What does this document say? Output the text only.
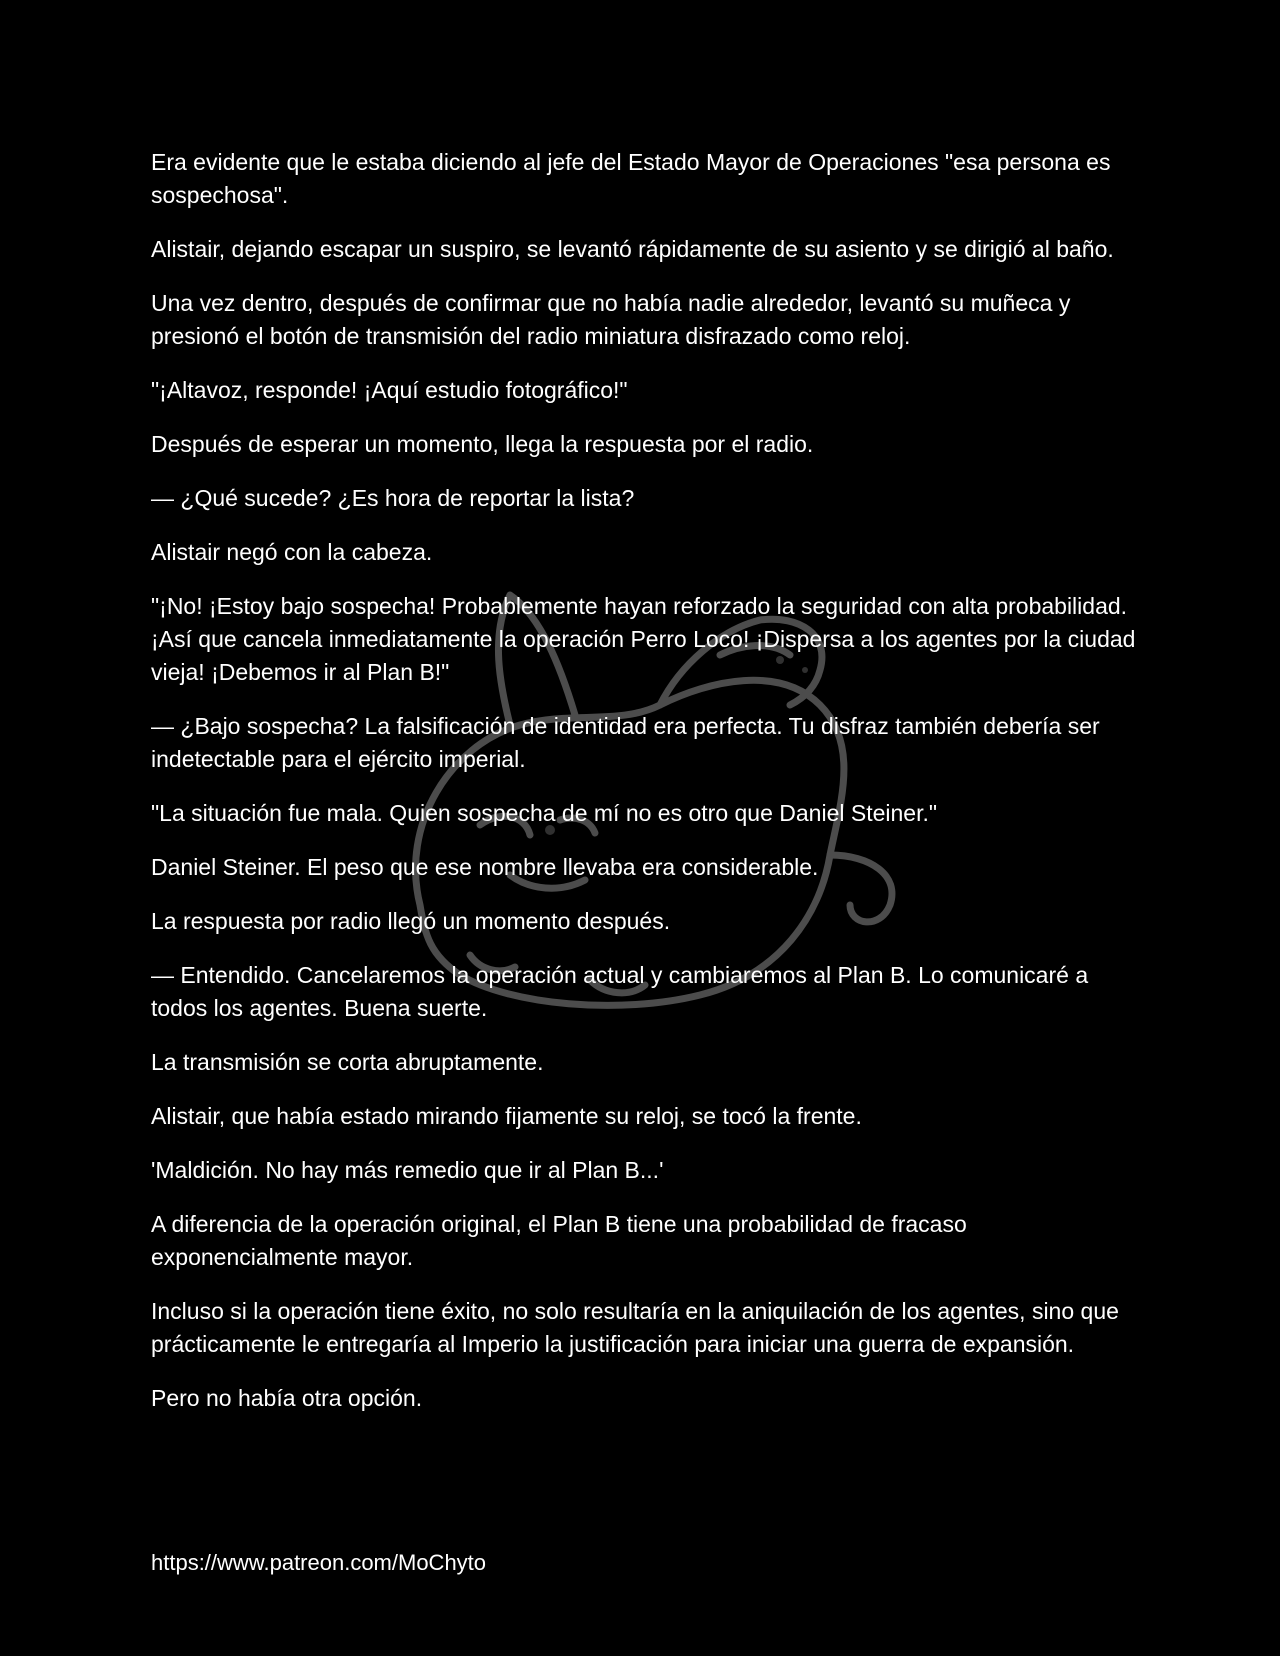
Era evidente que le estaba diciendo al jefe del Estado Mayor de Operaciones "esa persona es sospechosa".

Alistair, dejando escapar un suspiro, se levantó rápidamente de su asiento y se dirigió al baño.

Una vez dentro, después de confirmar que no había nadie alrededor, levantó su muñeca y presionó el botón de transmisión del radio miniatura disfrazado como reloj.

"¡Altavoz, responde! ¡Aquí estudio fotográfico!"

Después de esperar un momento, llega la respuesta por el radio.

— ¿Qué sucede? ¿Es hora de reportar la lista?

Alistair negó con la cabeza.

"¡No! ¡Estoy bajo sospecha! Probablemente hayan reforzado la seguridad con alta probabilidad. ¡Así que cancela inmediatamente la operación Perro Loco! ¡Dispersa a los agentes por la ciudad vieja! ¡Debemos ir al Plan B!"

— ¿Bajo sospecha? La falsificación de identidad era perfecta. Tu disfraz también debería ser indetectable para el ejército imperial.

"La situación fue mala. Quien sospecha de mí no es otro que Daniel Steiner."

Daniel Steiner. El peso que ese nombre llevaba era considerable.

La respuesta por radio llegó un momento después.

— Entendido. Cancelaremos la operación actual y cambiaremos al Plan B. Lo comunicaré a todos los agentes. Buena suerte.

La transmisión se corta abruptamente.

Alistair, que había estado mirando fijamente su reloj, se tocó la frente.

'Maldición. No hay más remedio que ir al Plan B...'

A diferencia de la operación original, el Plan B tiene una probabilidad de fracaso exponencialmente mayor.

Incluso si la operación tiene éxito, no solo resultaría en la aniquilación de los agentes, sino que prácticamente le entregaría al Imperio la justificación para iniciar una guerra de expansión.

Pero no había otra opción.

https://www.patreon.com/MoChyto
